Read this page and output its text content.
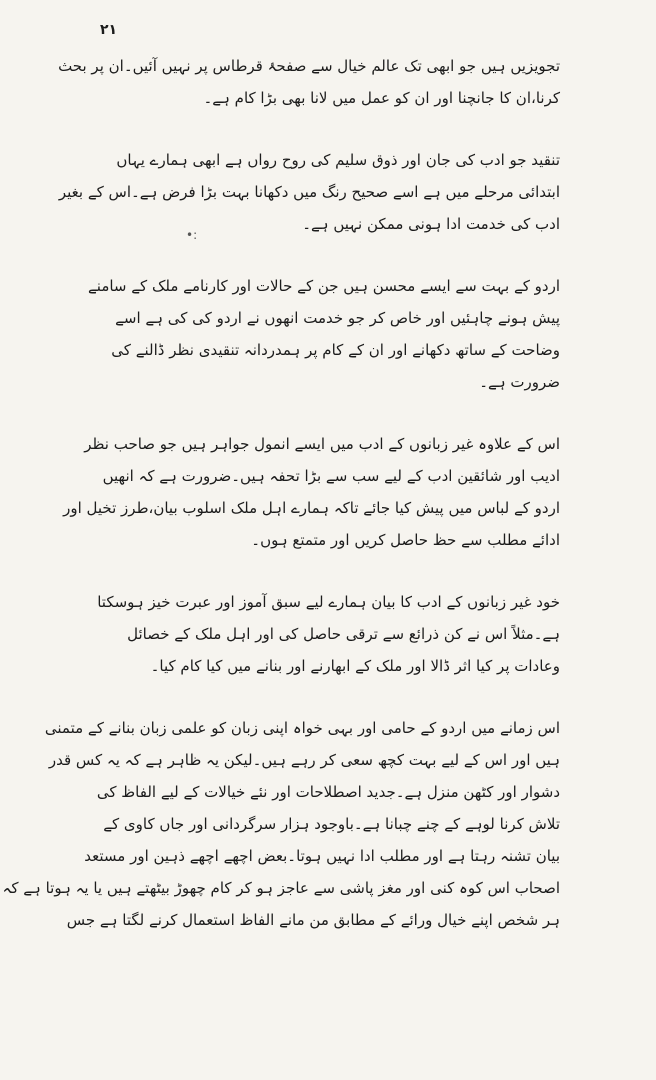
۲۱
•:

تجویزیں ہیں جو ابھی تک عالم خیال سے صفحۂ قرطاس پر نہیں آئیں۔ان پر بحث
کرنا،ان کا جانچنا اور ان کو عمل میں لانا بھی بڑا کام ہے۔

تنقید جو ادب کی جان اور ذوق سلیم کی روح رواں ہے ابھی ہمارے یہاں
ابتدائی مرحلے میں ہے اسے صحیح رنگ میں دکھانا بہت بڑا فرض ہے۔اس کے بغیر
ادب کی خدمت ادا ہونی ممکن نہیں ہے۔

اردو کے بہت سے ایسے محسن ہیں جن کے حالات اور کارنامے ملک کے سامنے
پیش ہونے چاہئیں اور خاص کر جو خدمت انھوں نے اردو کی کی ہے اسے
وضاحت کے ساتھ دکھانے اور ان کے کام پر ہمدردانہ تنقیدی نظر ڈالنے کی
ضرورت ہے۔

اس کے علاوہ غیر زبانوں کے ادب میں ایسے انمول جواہر ہیں جو صاحب نظر
ادیب اور شائقین ادب کے لیے سب سے بڑا تحفہ ہیں۔ضرورت ہے کہ انھیں
اردو کے لباس میں پیش کیا جائے تاکہ ہمارے اہل ملک اسلوب بیان،طرز تخیل اور
ادائے مطلب سے حظ حاصل کریں اور متمتع ہوں۔

خود غیر زبانوں کے ادب کا بیان ہمارے لیے سبق آموز اور عبرت خیز ہوسکتا
ہے۔مثلاً اس نے کن ذرائع سے ترقی حاصل کی اور اہل ملک کے خصائل
وعادات پر کیا اثر ڈالا اور ملک کے ابھارنے اور بنانے میں کیا کام کیا۔

اس زمانے میں اردو کے حامی اور بہی خواہ اپنی زبان کو علمی زبان بنانے کے متمنی
ہیں اور اس کے لیے بہت کچھ سعی کر رہے ہیں۔لیکن یہ ظاہر ہے کہ یہ کس قدر
دشوار اور کٹھن منزل ہے۔جدید اصطلاحات اور نئے خیالات کے لیے الفاظ کی
تلاش کرنا لوہے کے چنے چبانا ہے۔باوجود ہزار سرگردانی اور جاں کاوی کے
بیان تشنہ رہتا ہے اور مطلب ادا نہیں ہوتا۔بعض اچھے اچھے ذہین اور مستعد
اصحاب اس کوہ کنی اور مغز پاشی سے عاجز ہو کر کام چھوڑ بیٹھتے ہیں یا یہ ہوتا ہے کہ
ہر شخص اپنے خیال ورائے کے مطابق من مانے الفاظ استعمال کرنے لگتا ہے جس
